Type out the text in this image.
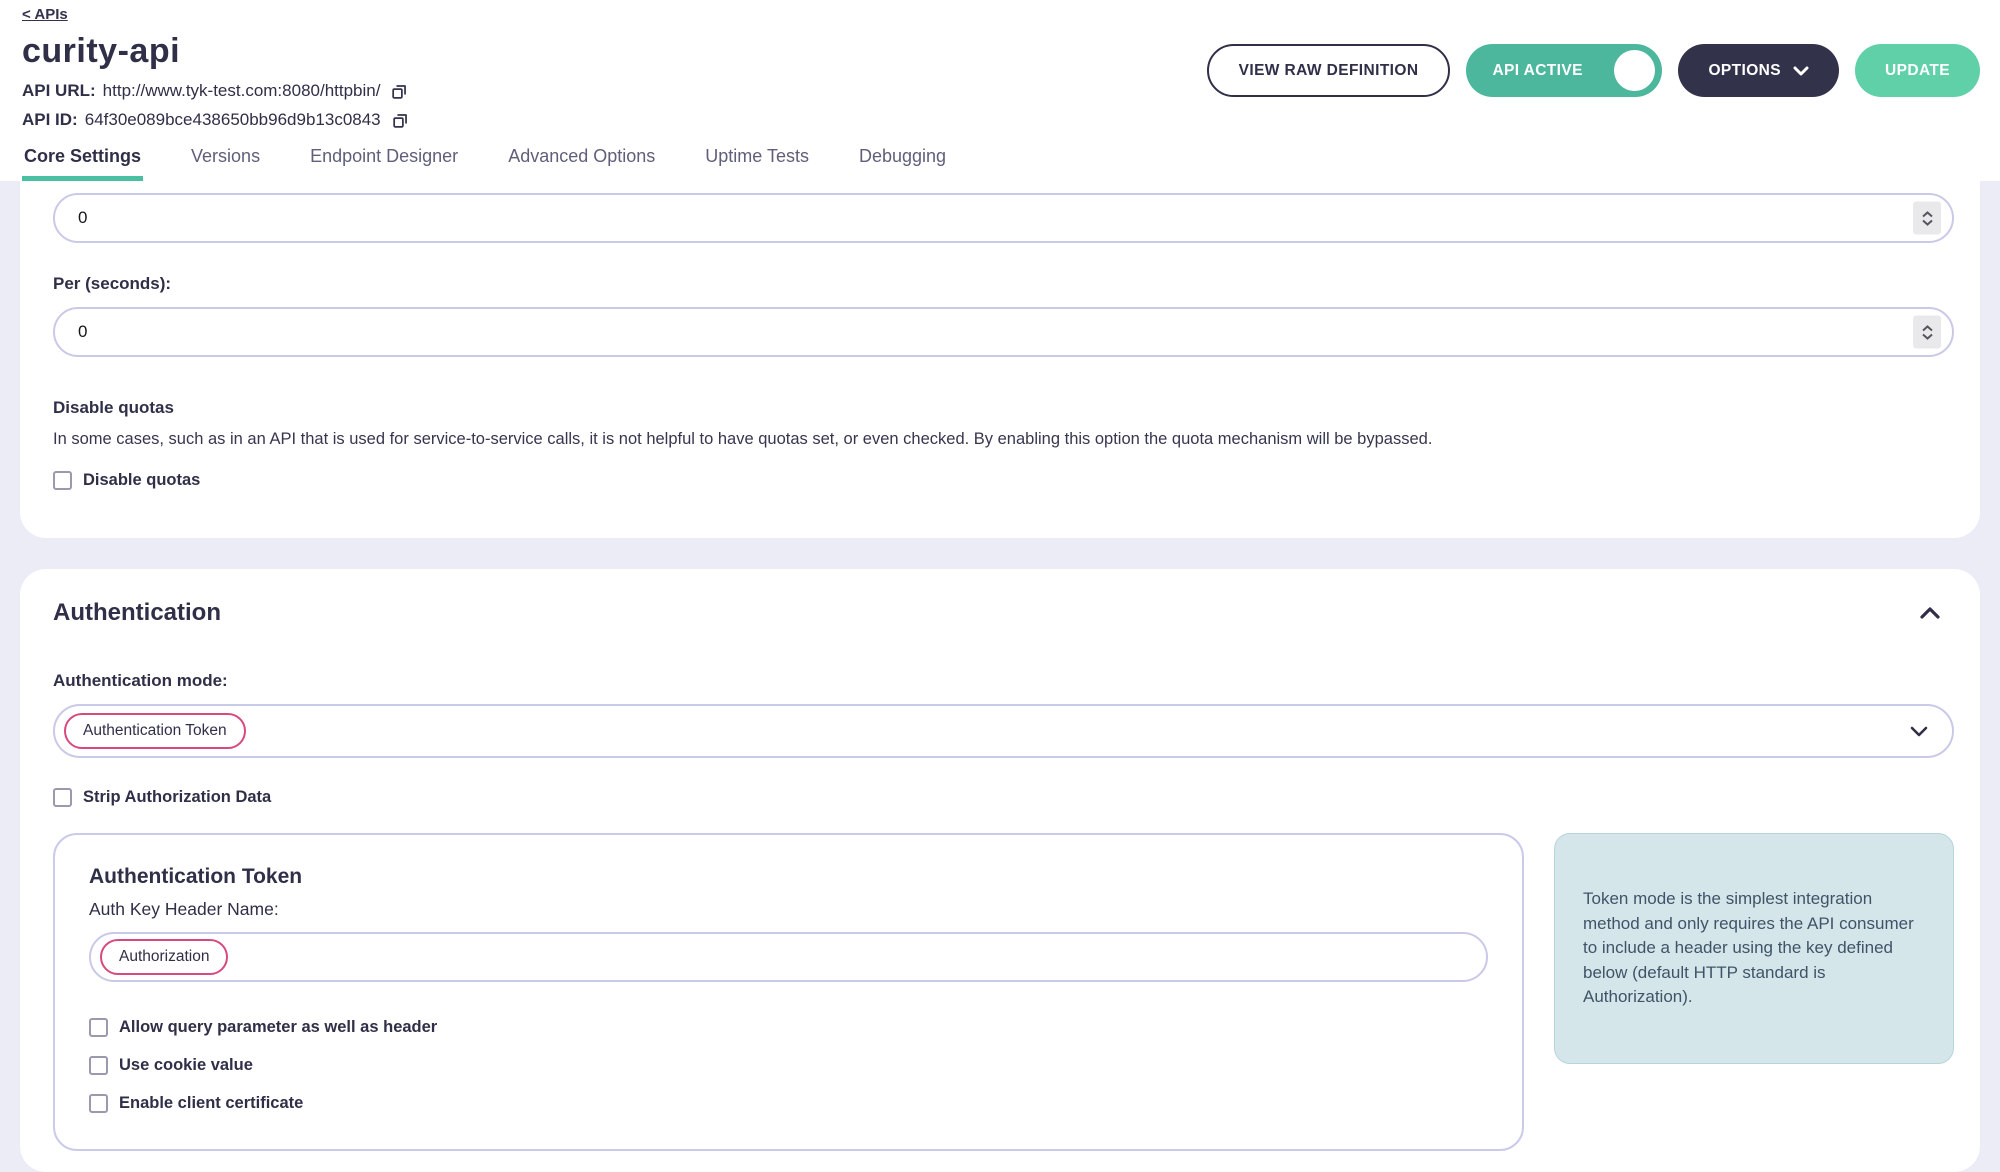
< APIs
curity-api
API URL: http://www.tyk-test.com:8080/httpbin/
API ID: 64f30e089bce438650bb96d9b13c0843
VIEW RAW DEFINITION	API ACTIVE	OPTIONS	UPDATE
Core Settings	Versions	Endpoint Designer	Advanced Options	Uptime Tests	Debugging
0
Per (seconds):
0
Disable quotas
In some cases, such as in an API that is used for service-to-service calls, it is not helpful to have quotas set, or even checked. By enabling this option the quota mechanism will be bypassed.
Disable quotas
Authentication
Authentication mode:
Authentication Token
Strip Authorization Data
Authentication Token
Auth Key Header Name:
Authorization
Allow query parameter as well as header
Use cookie value
Enable client certificate
Token mode is the simplest integration method and only requires the API consumer to include a header using the key defined below (default HTTP standard is Authorization).
